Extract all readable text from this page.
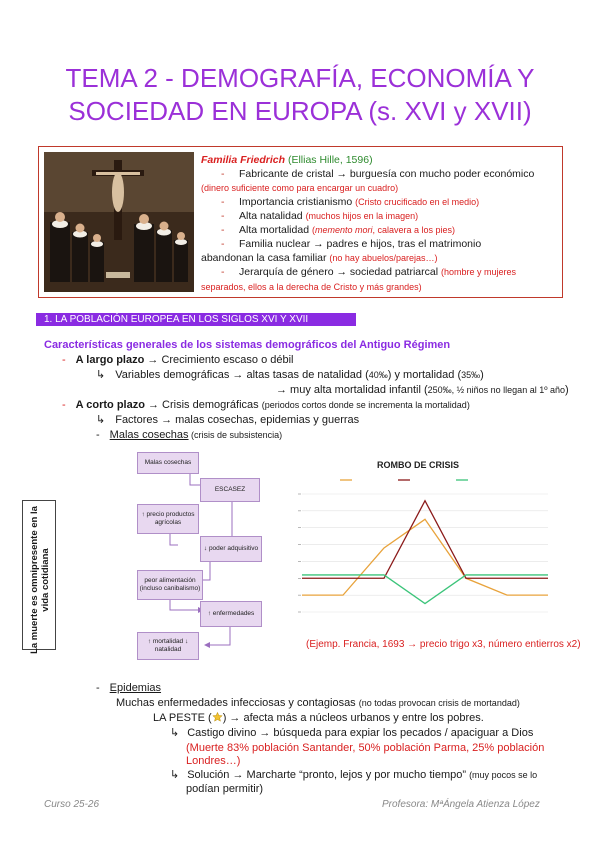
TEMA 2 - DEMOGRAFÍA, ECONOMÍA Y
SOCIEDAD EN EUROPA (s. XVI y XVII)
Familia Friedrich (Ellias Hille, 1596)
- Fabricante de cristal → burguesía con mucho poder económico
(dinero suficiente como para encargar un cuadro)
- Importancia cristianismo (Cristo crucificado en el medio)
- Alta natalidad (muchos hijos en la imagen)
- Alta mortalidad (memento mori, calavera a los pies)
- Familia nuclear → padres e hijos, tras el matrimonio
abandonan la casa familiar (no hay abuelos/parejas…)
- Jerarquía de género → sociedad patriarcal (hombre y mujeres
separados, ellos a la derecha de Cristo y más grandes)
1. LA POBLACIÓN EUROPEA EN LOS SIGLOS XVI Y XVII
Características generales de los sistemas demográficos del Antiguo Régimen
- A largo plazo → Crecimiento escaso o débil
↳ Variables demográficas → altas tasas de natalidad (40‰) y mortalidad (35‰)
→ muy alta mortalidad infantil (250‰, ½ niños no llegan al 1º año)
- A corto plazo → Crisis demográficas (periodos cortos donde se incrementa la mortalidad)
↳ Factores → malas cosechas, epidemias y guerras
- Malas cosechas (crisis de subsistencia)
La muerte es omnipresente en la vida cotidiana
Malas cosechas
ESCASEZ
↑ precio productos agrícolas
↓ poder adquisitivo
peor alimentación (incluso canibalismo)
↑ enfermedades
↑ mortalidad ↓ natalidad
ROMBO DE CRISIS
(Ejemp. Francia, 1693 → precio trigo x3, número entierros x2)
- Epidemias
Muchas enfermedades infecciosas y contagiosas (no todas provocan crisis de mortandad)
LA PESTE ( ) → afecta más a núcleos urbanos y entre los pobres.
↳ Castigo divino → búsqueda para expiar los pecados / apaciguar a Dios
(Muerte 83% población Santander, 50% población Parma, 25% población
Londres…)
↳ Solución → Marcharte “pronto, lejos y por mucho tiempo” (muy pocos se lo
podían permitir)
Curso 25-26	Profesora: MªÁngela Atienza López
